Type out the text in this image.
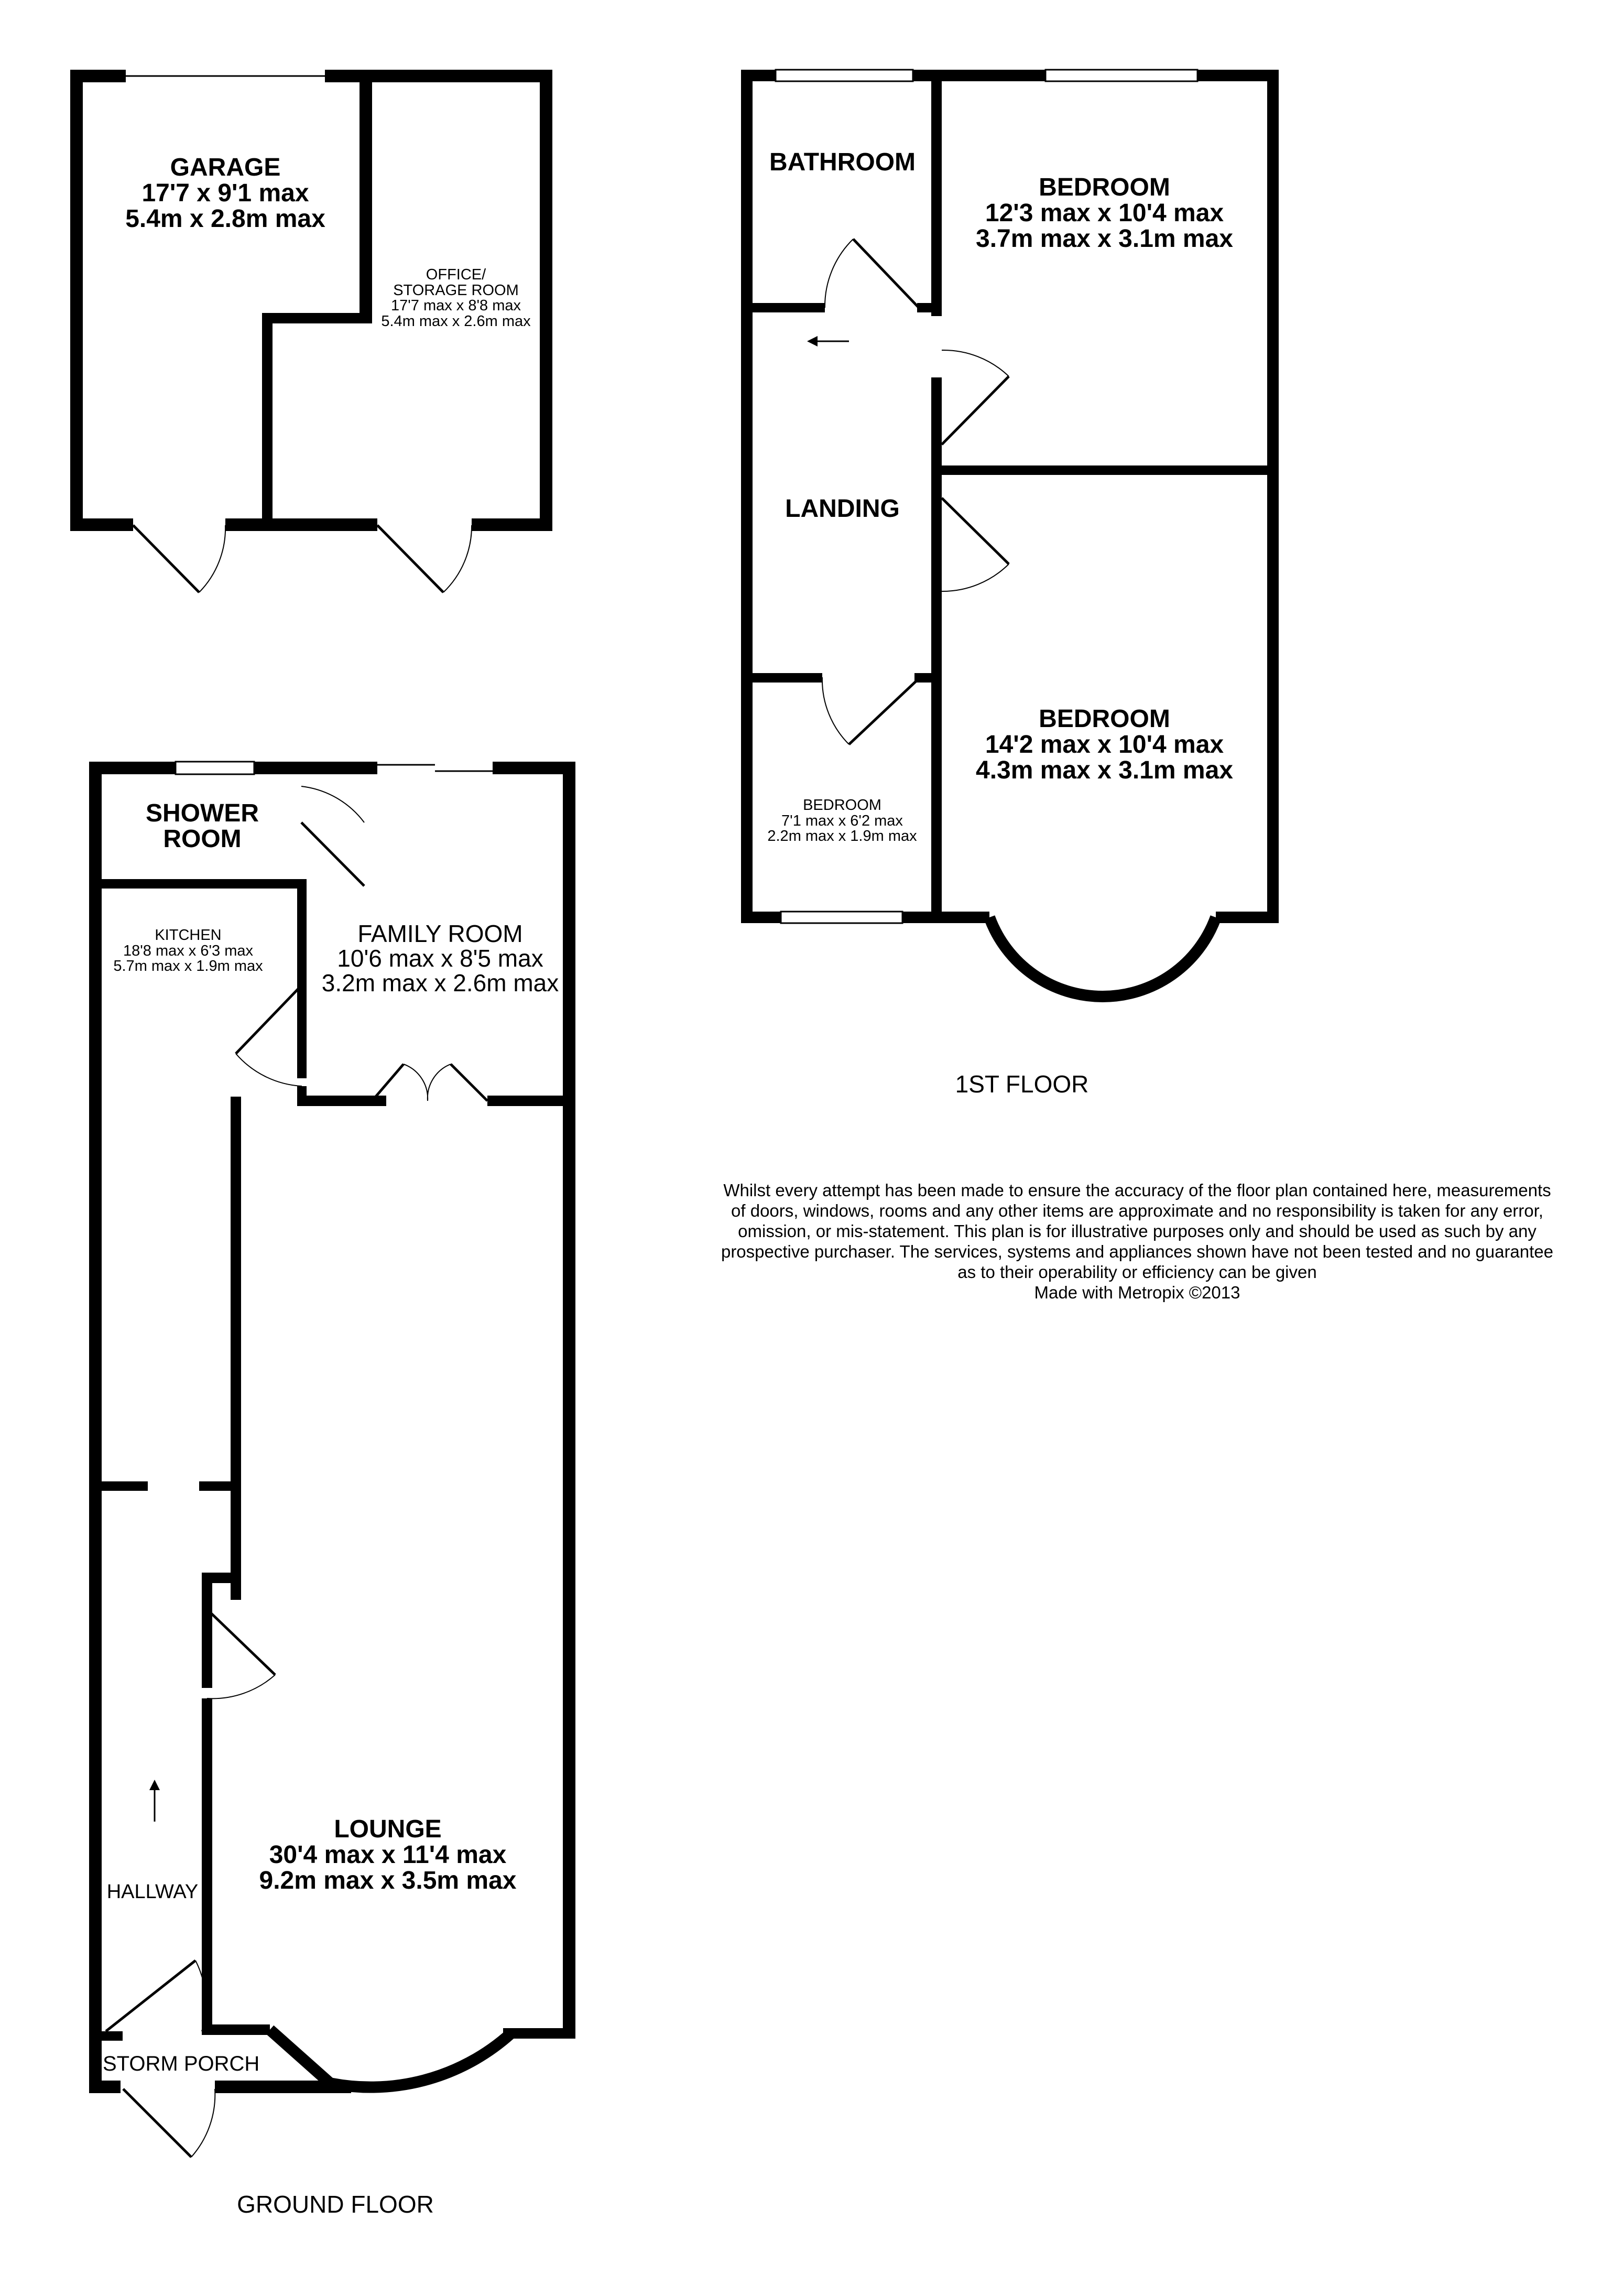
GARAGE
17'7 x 9'1 max
5.4m x 2.8m max
OFFICE/
STORAGE ROOM
17'7 max x 8'8 max
5.4m max x 2.6m max
BATHROOM
BEDROOM
12'3 max x 10'4 max
3.7m max x 3.1m max
LANDING
BEDROOM
14'2 max x 10'4 max
4.3m max x 3.1m max
BEDROOM
7'1 max x 6'2 max
2.2m max x 1.9m max
1ST FLOOR
SHOWER ROOM
KITCHEN
18'8 max x 6'3 max
5.7m max x 1.9m max
FAMILY ROOM
10'6 max x 8'5 max
3.2m max x 2.6m max
LOUNGE
30'4 max x 11'4 max
9.2m max x 3.5m max
HALLWAY
STORM PORCH
GROUND FLOOR
Whilst every attempt has been made to ensure the accuracy of the floor plan contained here, measurements
of doors, windows, rooms and any other items are approximate and no responsibility is taken for any error,
omission, or mis-statement. This plan is for illustrative purposes only and should be used as such by any
prospective purchaser. The services, systems and appliances shown have not been tested and no guarantee
as to their operability or efficiency can be given
Made with Metropix ©2013
